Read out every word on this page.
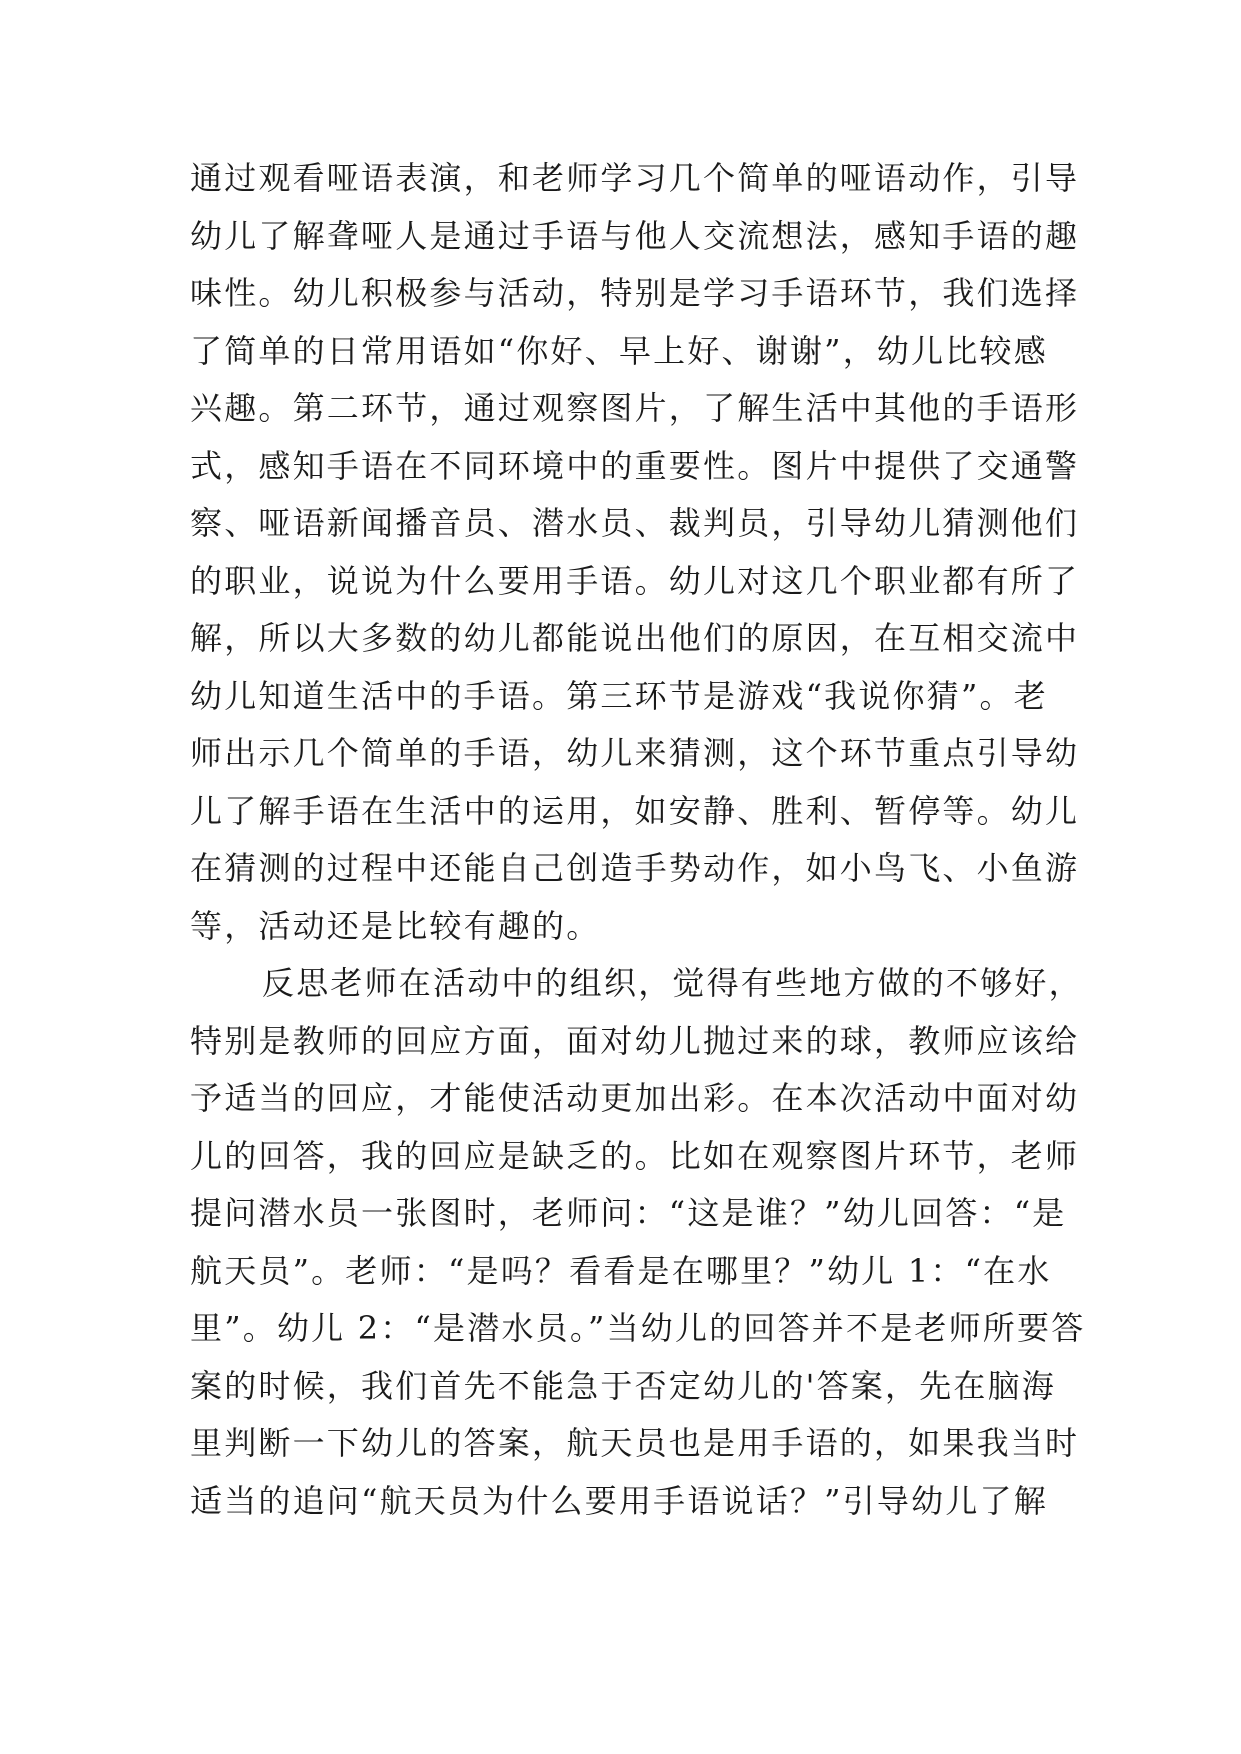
通过观看哑语表演，和老师学习几个简单的哑语动作，引导
幼儿了解聋哑人是通过手语与他人交流想法，感知手语的趣
味性。幼儿积极参与活动，特别是学习手语环节，我们选择
了简单的日常用语如“你好、早上好、谢谢”，幼儿比较感
兴趣。第二环节，通过观察图片，了解生活中其他的手语形
式，感知手语在不同环境中的重要性。图片中提供了交通警
察、哑语新闻播音员、潜水员、裁判员，引导幼儿猜测他们
的职业，说说为什么要用手语。幼儿对这几个职业都有所了
解，所以大多数的幼儿都能说出他们的原因，在互相交流中
幼儿知道生活中的手语。第三环节是游戏“我说你猜”。老
师出示几个简单的手语，幼儿来猜测，这个环节重点引导幼
儿了解手语在生活中的运用，如安静、胜利、暂停等。幼儿
在猜测的过程中还能自己创造手势动作，如小鸟飞、小鱼游
等，活动还是比较有趣的。
反思老师在活动中的组织，觉得有些地方做的不够好，
特别是教师的回应方面，面对幼儿抛过来的球，教师应该给
予适当的回应，才能使活动更加出彩。在本次活动中面对幼
儿的回答，我的回应是缺乏的。比如在观察图片环节，老师
提问潜水员一张图时，老师问：“这是谁？”幼儿回答：“是
航天员”。老师：“是吗？看看是在哪里？”幼儿 1：“在水
里”。幼儿 2：“是潜水员。”当幼儿的回答并不是老师所要答
案的时候，我们首先不能急于否定幼儿的'答案，先在脑海
里判断一下幼儿的答案，航天员也是用手语的，如果我当时
适当的追问“航天员为什么要用手语说话？”引导幼儿了解
